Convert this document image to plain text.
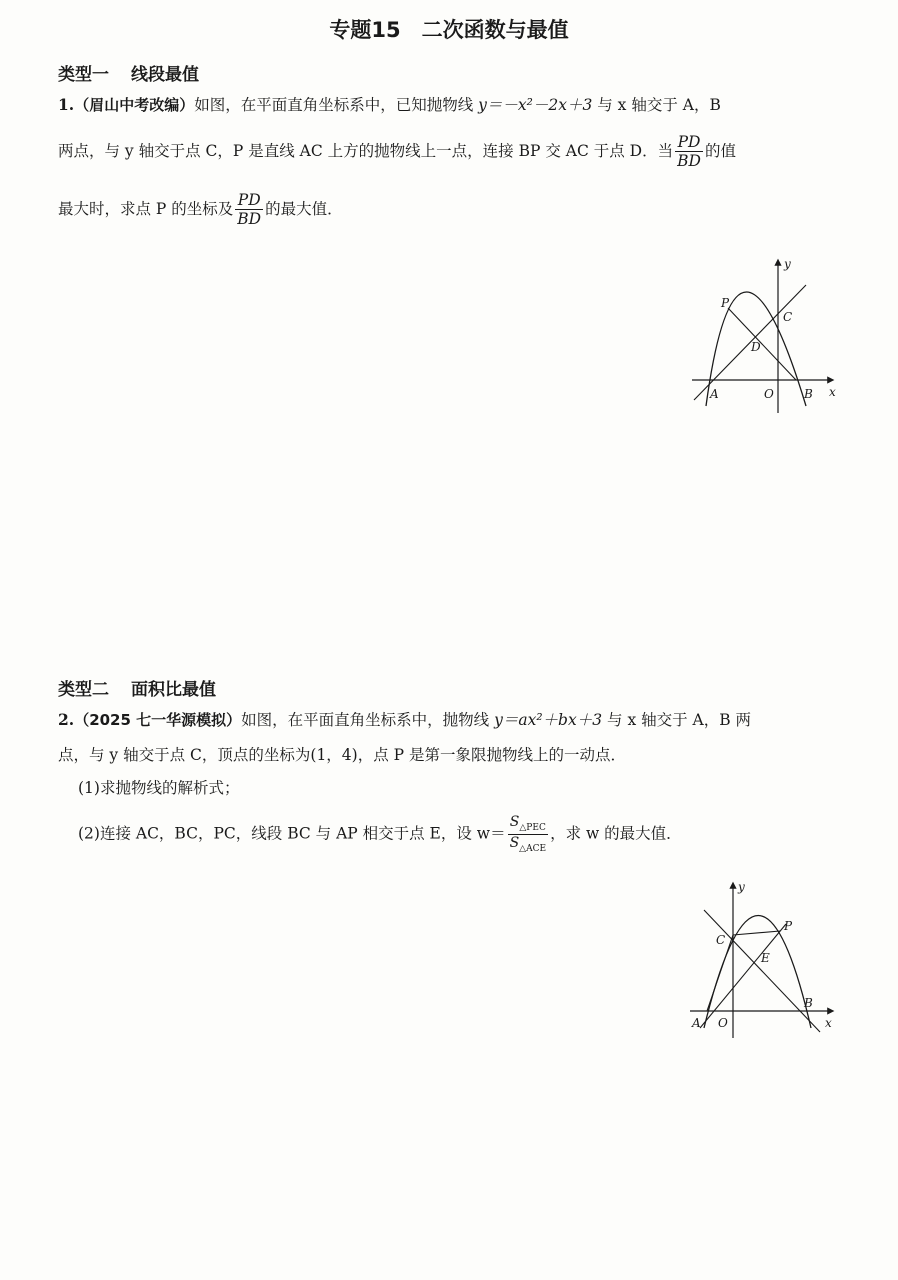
专题15　二次函数与最值
类型一 线段最值
1.（眉山中考改编）如图，在平面直角坐标系中，已知抛物线 y＝－x²－2x＋3 与 x 轴交于 A，B
两点，与 y 轴交于点 C，P 是直线 AC 上方的抛物线上一点，连接 BP 交 AC 于点 D．当 $\frac{PD}{BD}$ 的值
最大时，求点 P 的坐标及 $\frac{PD}{BD}$ 的最大值．
y
x
A	O	B
C
D
P
类型二 面积比最值
2.（2025 七一华源模拟）如图，在平面直角坐标系中，抛物线 y＝ax²＋bx＋3 与 x 轴交于 A，B 两
点，与 y 轴交于点 C，顶点的坐标为(1，4)，点 P 是第一象限抛物线上的一动点．
(1)求抛物线的解析式；
(2)连接 AC，BC，PC，线段 BC 与 AP 相交于点 E，设 $w= \frac{S_{\triangle PEC}}{S_{\triangle ACE}}$ ，求 w 的最大值．
y
x
A O
B
C
E
P
